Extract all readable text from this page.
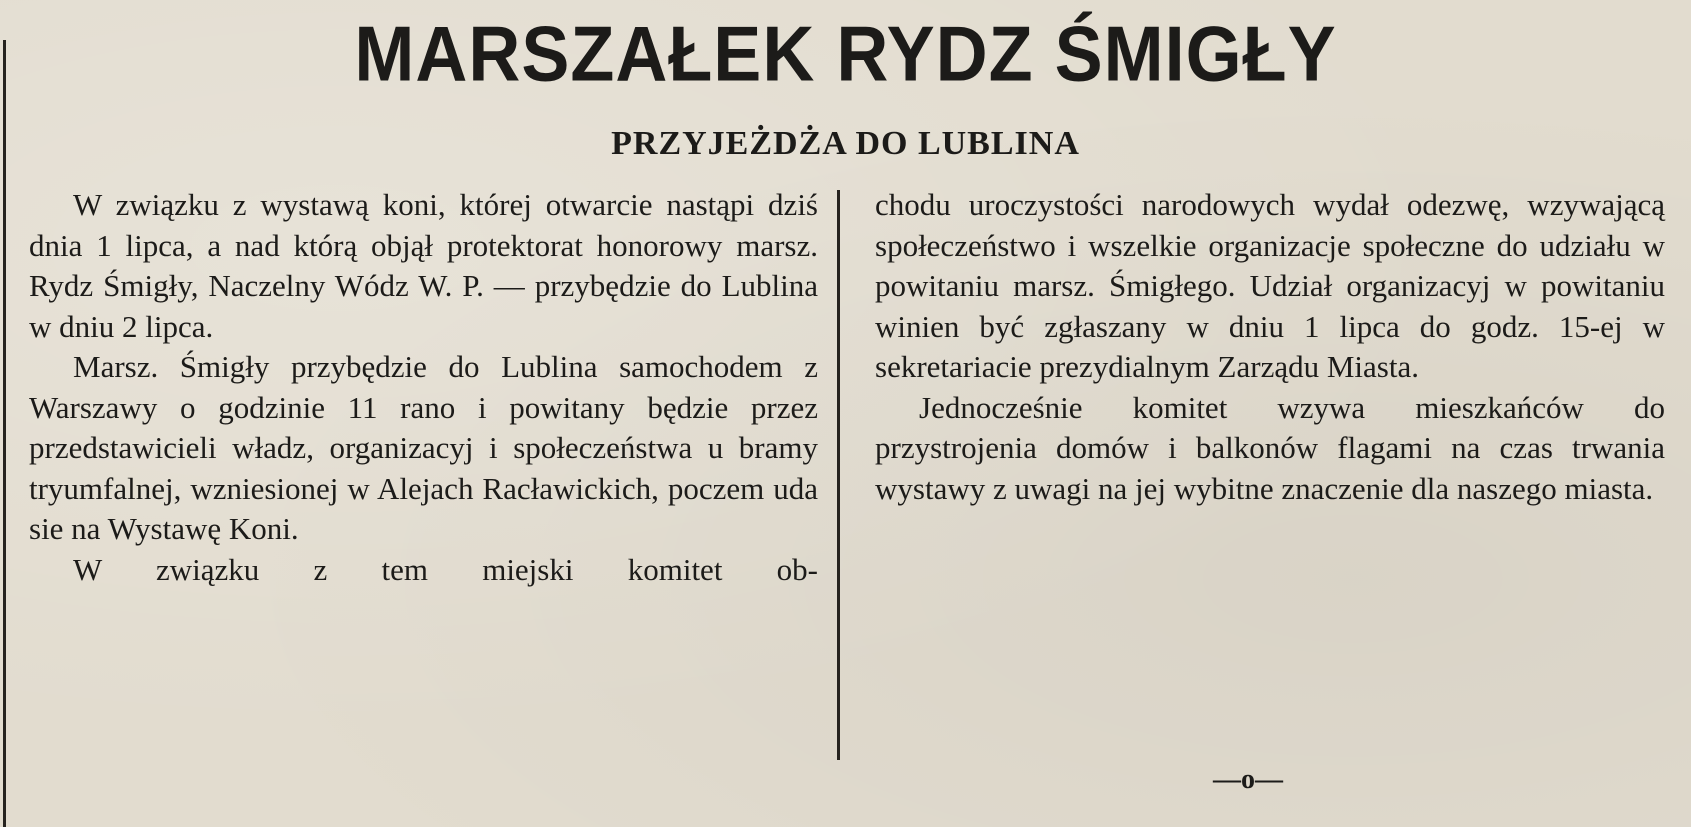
MARSZAŁEK RYDZ ŚMIGŁY
PRZYJEŻDŻA DO LUBLINA

W związku z wystawą koni, której otwarcie nastąpi dziś dnia 1 lipca, a nad którą objął protektorat honorowy marsz. Rydz Śmigły, Naczelny Wódz W. P. — przybędzie do Lublina w dniu 2 lipca.

Marsz. Śmigły przybędzie do Lublina samochodem z Warszawy o godzinie 11 rano i powitany będzie przez przedstawicieli władz, organizacyj i społeczeństwa u bramy tryumfalnej, wzniesionej w Alejach Racławickich, poczem uda sie na Wystawę Koni.

W związku z tem miejski komitet ob-

chodu uroczystości narodowych wydał odezwę, wzywającą społeczeństwo i wszelkie organizacje społeczne do udziału w powitaniu marsz. Śmigłego. Udział organizacyj w powitaniu winien być zgłaszany w dniu 1 lipca do godz. 15-ej w sekretariacie prezydialnym Zarządu Miasta.

Jednocześnie komitet wzywa mieszkańców do przystrojenia domów i balkonów flagami na czas trwania wystawy z uwagi na jej wybitne znaczenie dla naszego miasta.

—o—
